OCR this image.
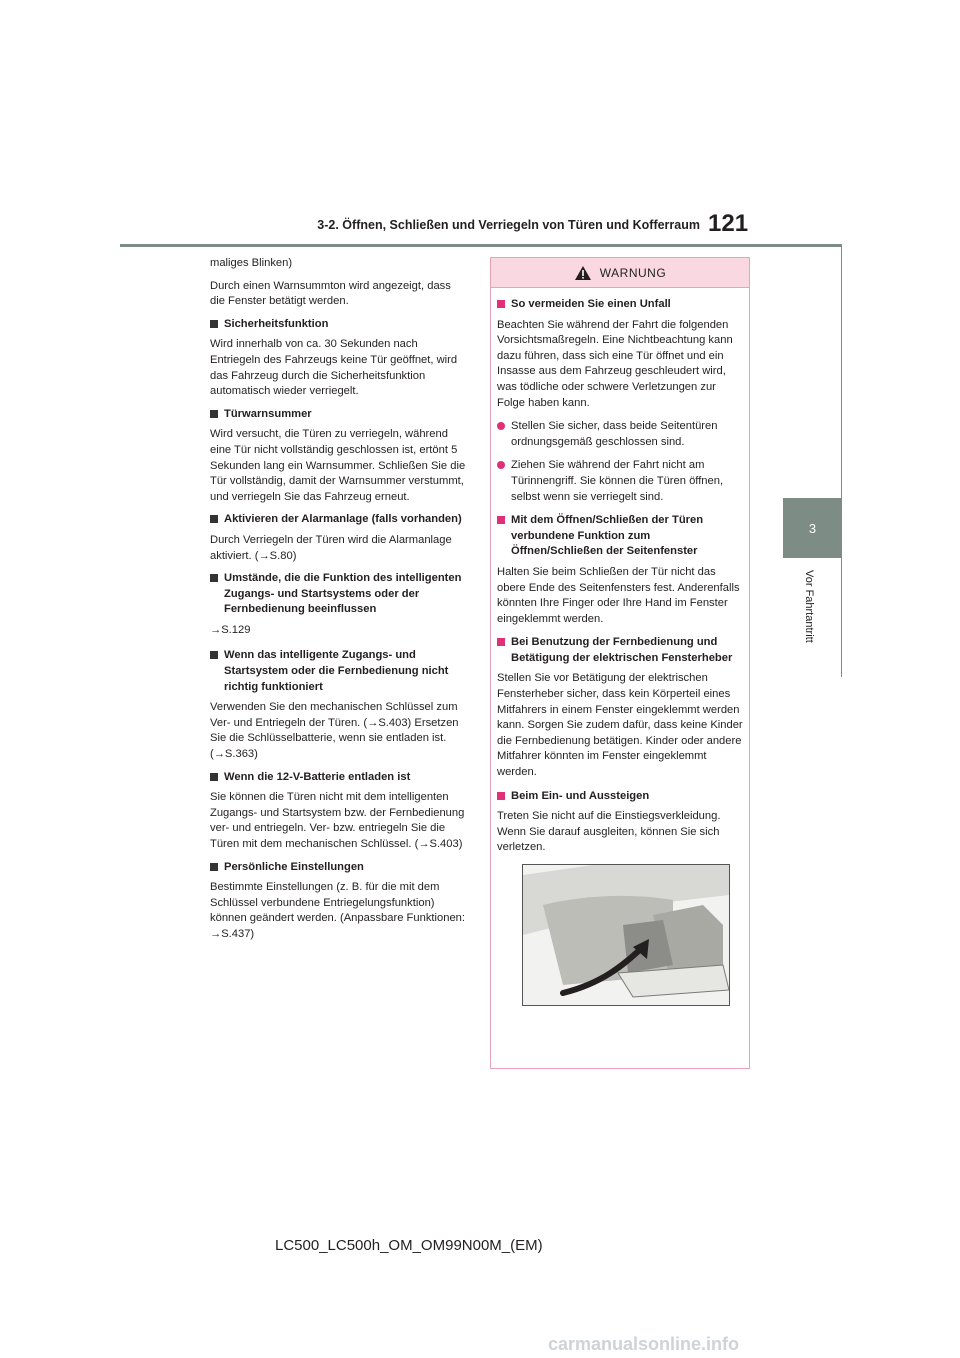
3-2. Öffnen, Schließen und Verriegeln von Türen und Kofferraum 121
3
Vor Fahrtantritt

maliges Blinken)

Durch einen Warnsummton wird angezeigt, dass die Fenster betätigt werden.

Sicherheitsfunktion

Wird innerhalb von ca. 30 Sekunden nach Entriegeln des Fahrzeugs keine Tür geöffnet, wird das Fahrzeug durch die Sicherheitsfunktion automatisch wieder verriegelt.

Türwarnsummer

Wird versucht, die Türen zu verriegeln, während eine Tür nicht vollständig geschlossen ist, ertönt 5 Sekunden lang ein Warnsummer. Schließen Sie die Tür vollständig, damit der Warnsummer verstummt, und verriegeln Sie das Fahrzeug erneut.

Aktivieren der Alarmanlage (falls vorhanden)

Durch Verriegeln der Türen wird die Alarmanlage aktiviert. (→S.80)

Umstände, die die Funktion des intelligenten Zugangs- und Startsystems oder der Fernbedienung beeinflussen

→S.129

Wenn das intelligente Zugangs- und Startsystem oder die Fernbedienung nicht richtig funktioniert

Verwenden Sie den mechanischen Schlüssel zum Ver- und Entriegeln der Türen. (→S.403) Ersetzen Sie die Schlüsselbatterie, wenn sie entladen ist. (→S.363)

Wenn die 12-V-Batterie entladen ist

Sie können die Türen nicht mit dem intelligenten Zugangs- und Startsystem bzw. der Fernbedienung ver- und entriegeln. Ver- bzw. entriegeln Sie die Türen mit dem mechanischen Schlüssel. (→S.403)

Persönliche Einstellungen

Bestimmte Einstellungen (z. B. für die mit dem Schlüssel verbundene Entriegelungsfunktion) können geändert werden. (Anpassbare Funktionen: →S.437)

WARNUNG
So vermeiden Sie einen Unfall

Beachten Sie während der Fahrt die folgenden Vorsichtsmaßregeln. Eine Nichtbeachtung kann dazu führen, dass sich eine Tür öffnet und ein Insasse aus dem Fahrzeug geschleudert wird, was tödliche oder schwere Verletzungen zur Folge haben kann.

Stellen Sie sicher, dass beide Seitentüren ordnungsgemäß geschlossen sind.
Ziehen Sie während der Fahrt nicht am Türinnengriff. Sie können die Türen öffnen, selbst wenn sie verriegelt sind.
Mit dem Öffnen/Schließen der Türen verbundene Funktion zum Öffnen/Schließen der Seitenfenster

Halten Sie beim Schließen der Tür nicht das obere Ende des Seitenfensters fest. Anderenfalls könnten Ihre Finger oder Ihre Hand im Fenster eingeklemmt werden.

Bei Benutzung der Fernbedienung und Betätigung der elektrischen Fensterheber

Stellen Sie vor Betätigung der elektrischen Fensterheber sicher, dass kein Körperteil eines Mitfahrers in einem Fenster eingeklemmt werden kann. Sorgen Sie zudem dafür, dass keine Kinder die Fernbedienung betätigen. Kinder oder andere Mitfahrer könnten im Fenster eingeklemmt werden.

Beim Ein- und Aussteigen

Treten Sie nicht auf die Einstiegsverkleidung. Wenn Sie darauf ausgleiten, können Sie sich verletzen.

LC500_LC500h_OM_OM99N00M_(EM)
carmanualsonline.info
